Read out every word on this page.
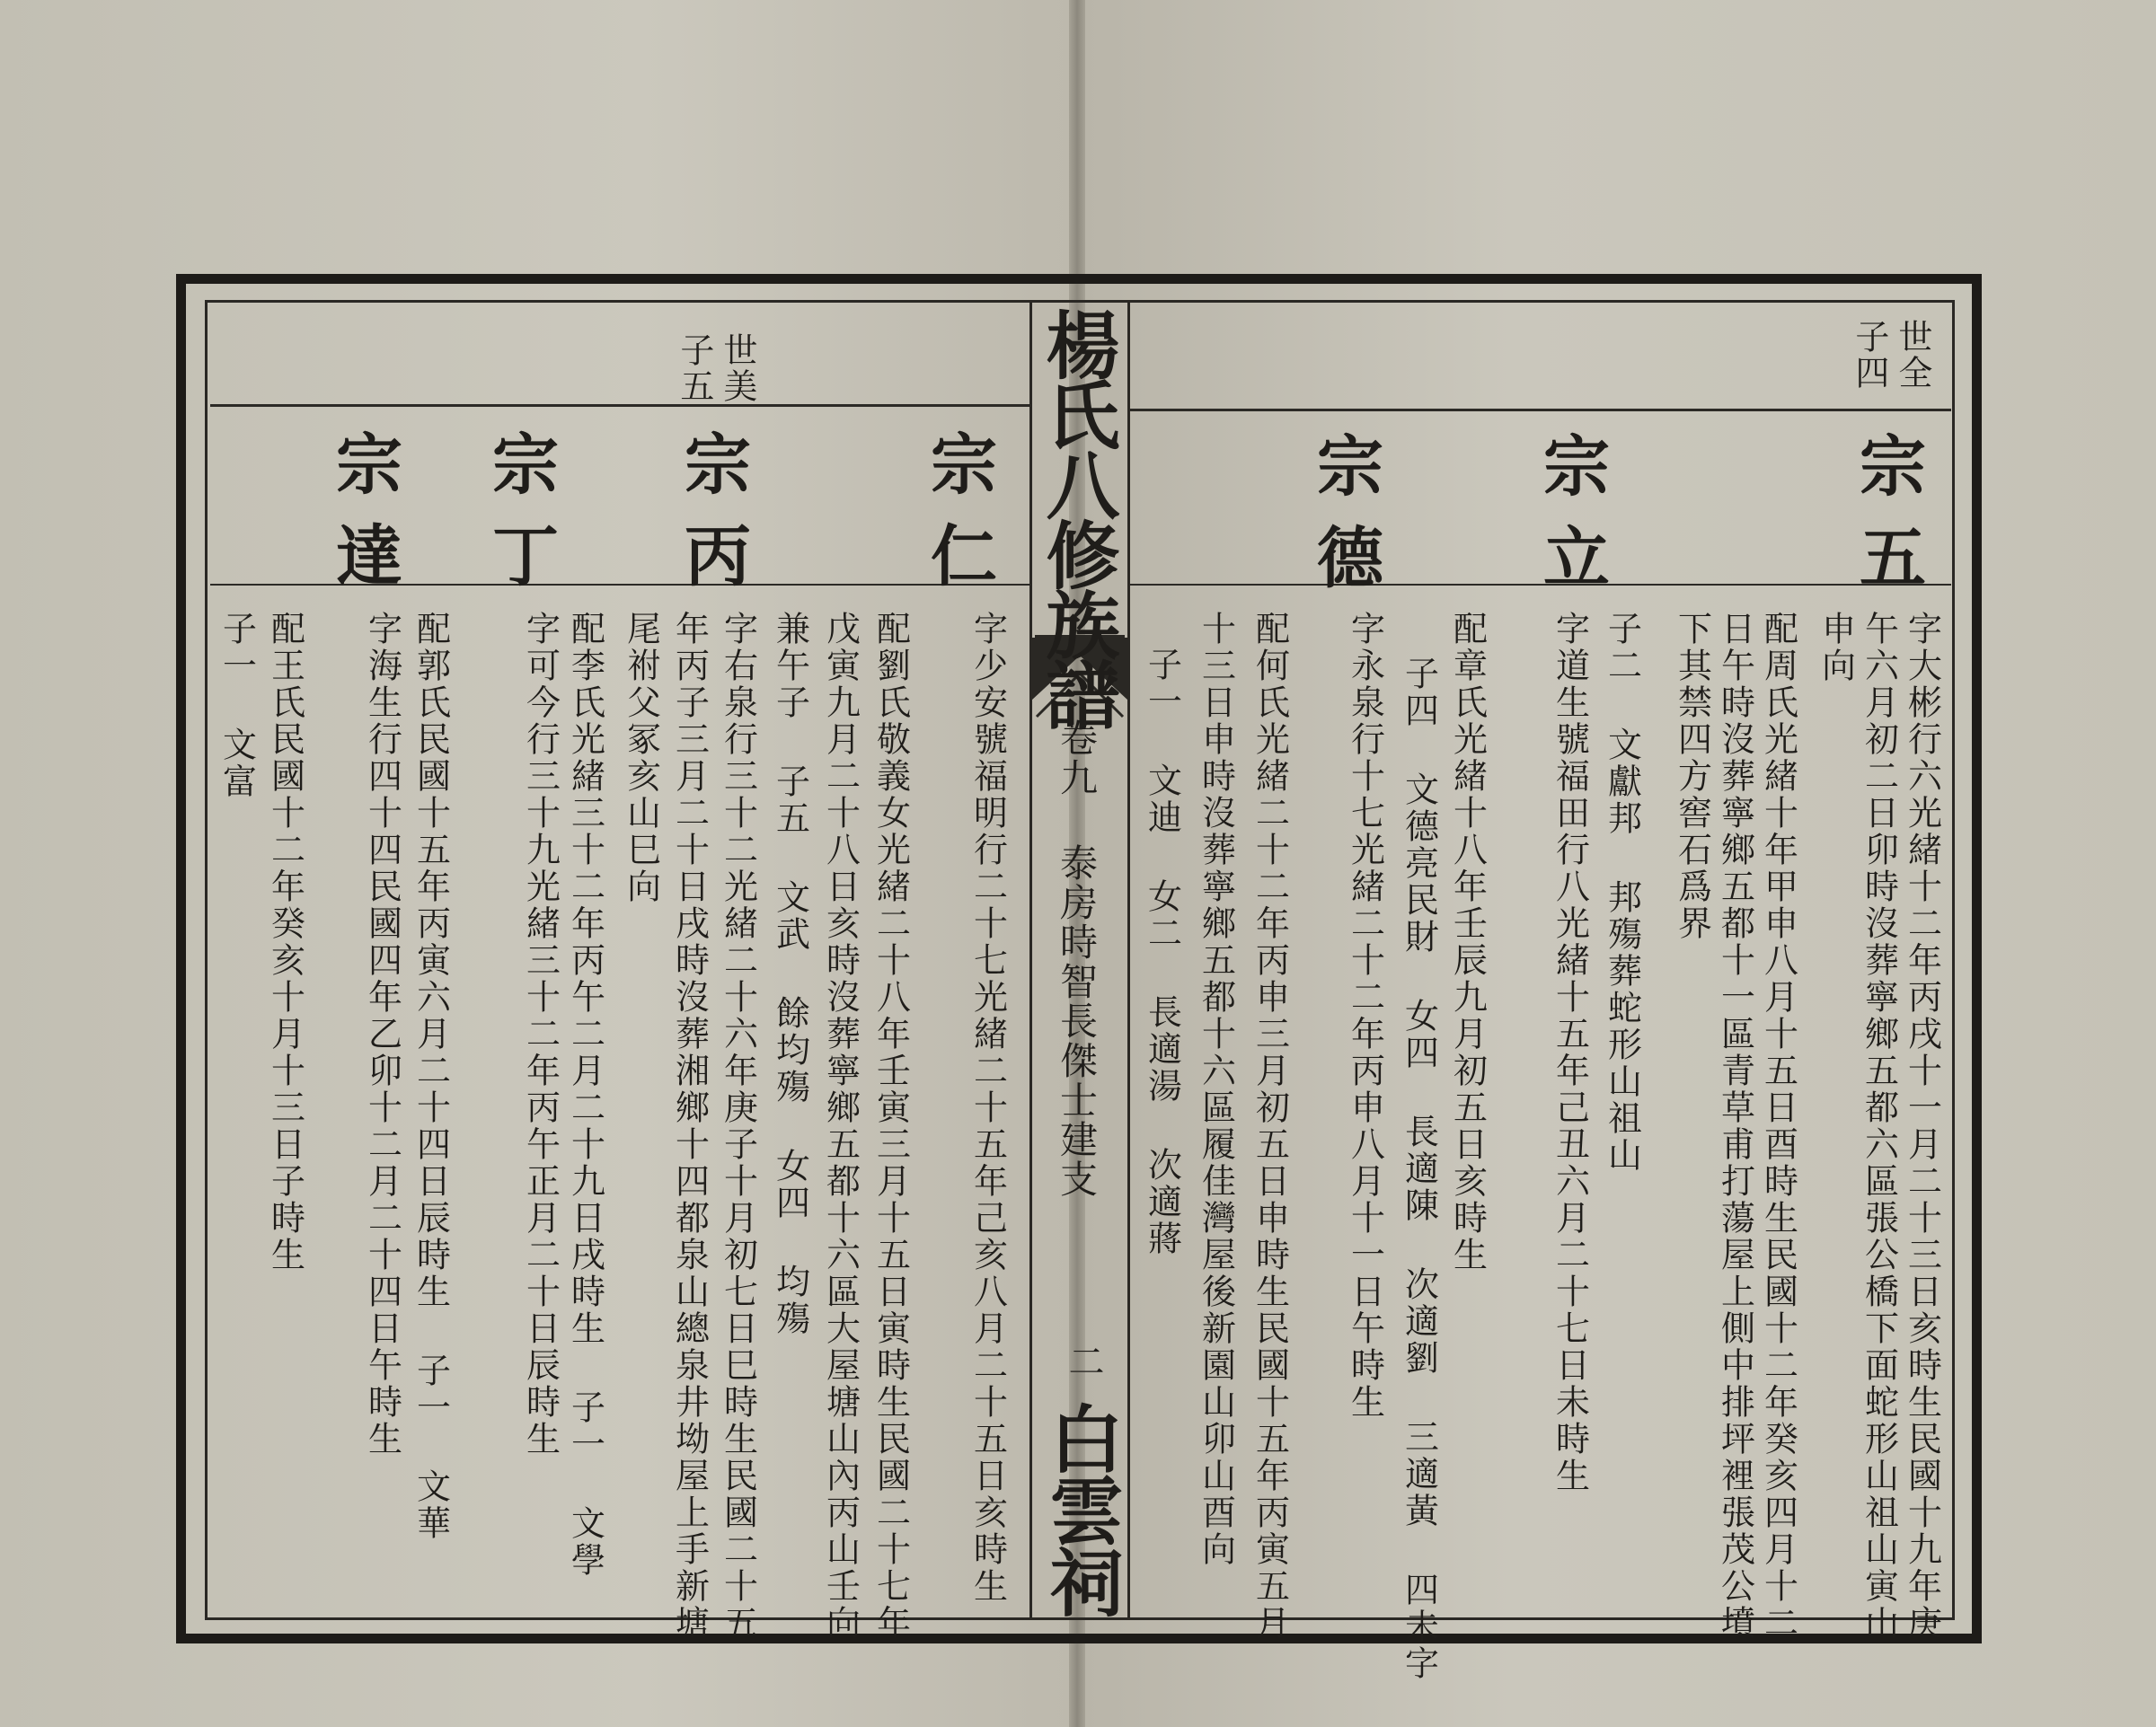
楊氏八修族譜
卷九 泰房時智長傑士建支
二
白雲祠
世全
子四
宗五
字大彬行六光緒十二年丙戌十一月二十三日亥時生民國十九年庚
午六月初二日卯時沒葬寧鄉五都六區張公橋下面蛇形山祖山寅山
申向
配周氏光緒十年甲申八月十五日酉時生民國十二年癸亥四月十二
日午時沒葬寧鄉五都十一區青草甫打蕩屋上側中排坪裡張茂公墳
下其禁四方窖石爲界
子二 文獻邦 邦殤葬蛇形山祖山
宗立
字道生號福田行八光緒十五年己丑六月二十七日未時生
配章氏光緒十八年壬辰九月初五日亥時生
子四 文德亮民財 女四 長適陳 次適劉 三適黃 四未字
宗德
字永泉行十七光緒二十二年丙申八月十一日午時生
配何氏光緒二十二年丙申三月初五日申時生民國十五年丙寅五月
十三日申時沒葬寧鄉五都十六區履佳灣屋後新園山卯山酉向
子一 文迪 女二 長適湯 次適蔣
世美
子五
宗仁
字少安號福明行二十七光緒二十五年己亥八月二十五日亥時生
配劉氏敬義女光緒二十八年壬寅三月十五日寅時生民國二十七年
戊寅九月二十八日亥時沒葬寧鄉五都十六區大屋塘山內丙山壬向
兼午子 子五 文武 餘均殤 女四 均殤
宗丙
字右泉行三十二光緒二十六年庚子十月初七日巳時生民國二十五
年丙子三月二十日戌時沒葬湘鄉十四都泉山總泉井坳屋上手新塘
尾祔父冢亥山巳向
宗丁
配李氏光緒三十二年丙午二月二十九日戌時生 子一 文學
字可今行三十九光緒三十二年丙午正月二十日辰時生
宗達
配郭氏民國十五年丙寅六月二十四日辰時生 子一 文華
字海生行四十四民國四年乙卯十二月二十四日午時生
配王氏民國十二年癸亥十月十三日子時生
子一 文富
